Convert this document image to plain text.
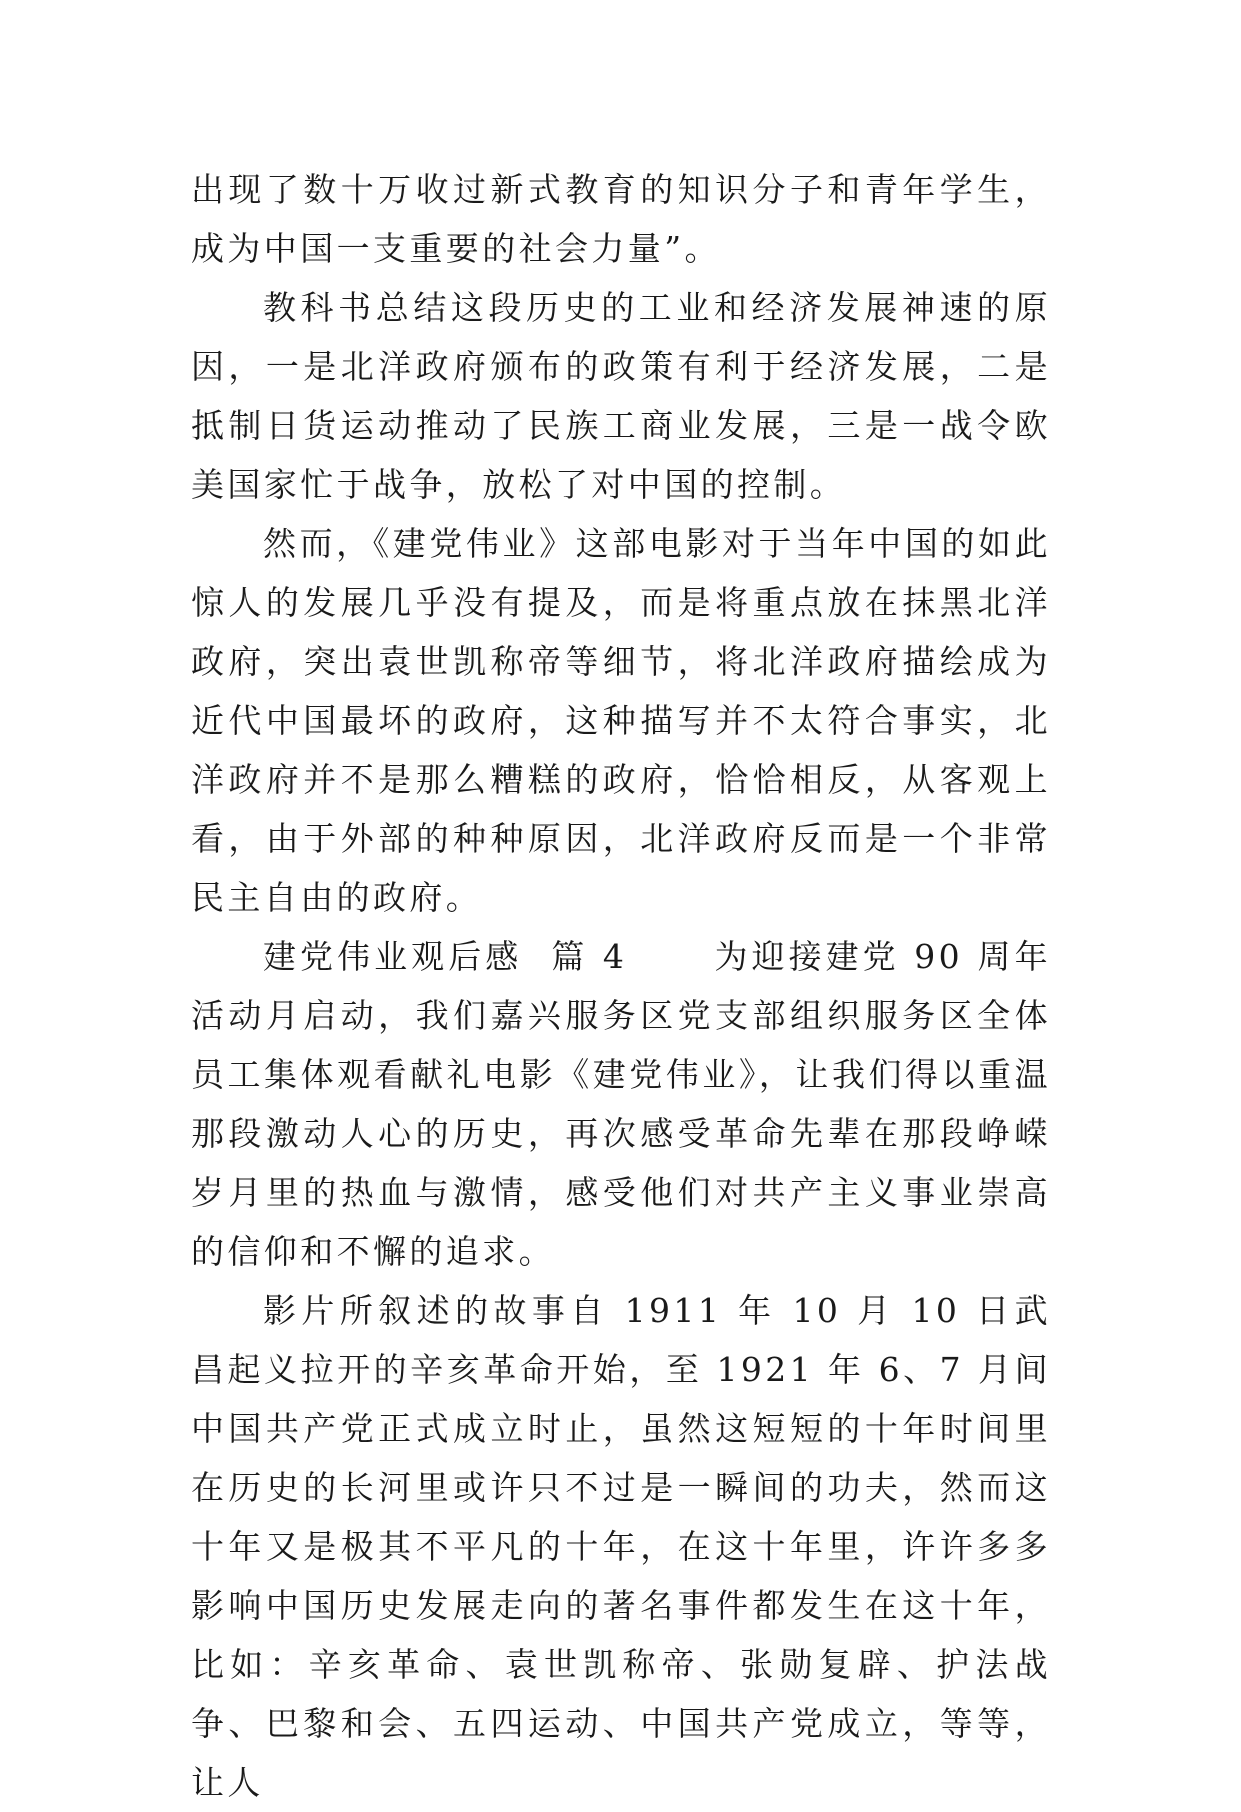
出现了数十万收过新式教育的知识分子和青年学生，成为中国一支重要的社会力量”。

教科书总结这段历史的工业和经济发展神速的原因，一是北洋政府颁布的政策有利于经济发展，二是抵制日货运动推动了民族工商业发展，三是一战令欧美国家忙于战争，放松了对中国的控制。

然而，《建党伟业》这部电影对于当年中国的如此惊人的发展几乎没有提及，而是将重点放在抹黑北洋政府，突出袁世凯称帝等细节，将北洋政府描绘成为近代中国最坏的政府，这种描写并不太符合事实，北洋政府并不是那么糟糕的政府，恰恰相反，从客观上看，由于外部的种种原因，北洋政府反而是一个非常民主自由的政府。

建党伟业观后感  篇 4      为迎接建党 90 周年活动月启动，我们嘉兴服务区党支部组织服务区全体员工集体观看献礼电影《建党伟业》，让我们得以重温那段激动人心的历史，再次感受革命先辈在那段峥嵘岁月里的热血与激情，感受他们对共产主义事业崇高的信仰和不懈的追求。

影片所叙述的故事自 1911 年 10 月 10 日武昌起义拉开的辛亥革命开始，至 1921 年 6、7 月间中国共产党正式成立时止，虽然这短短的十年时间里在历史的长河里或许只不过是一瞬间的功夫，然而这十年又是极其不平凡的十年，在这十年里，许许多多影响中国历史发展走向的著名事件都发生在这十年，比如：辛亥革命、袁世凯称帝、张勋复辟、护法战争、巴黎和会、五四运动、中国共产党成立，等等，让人
